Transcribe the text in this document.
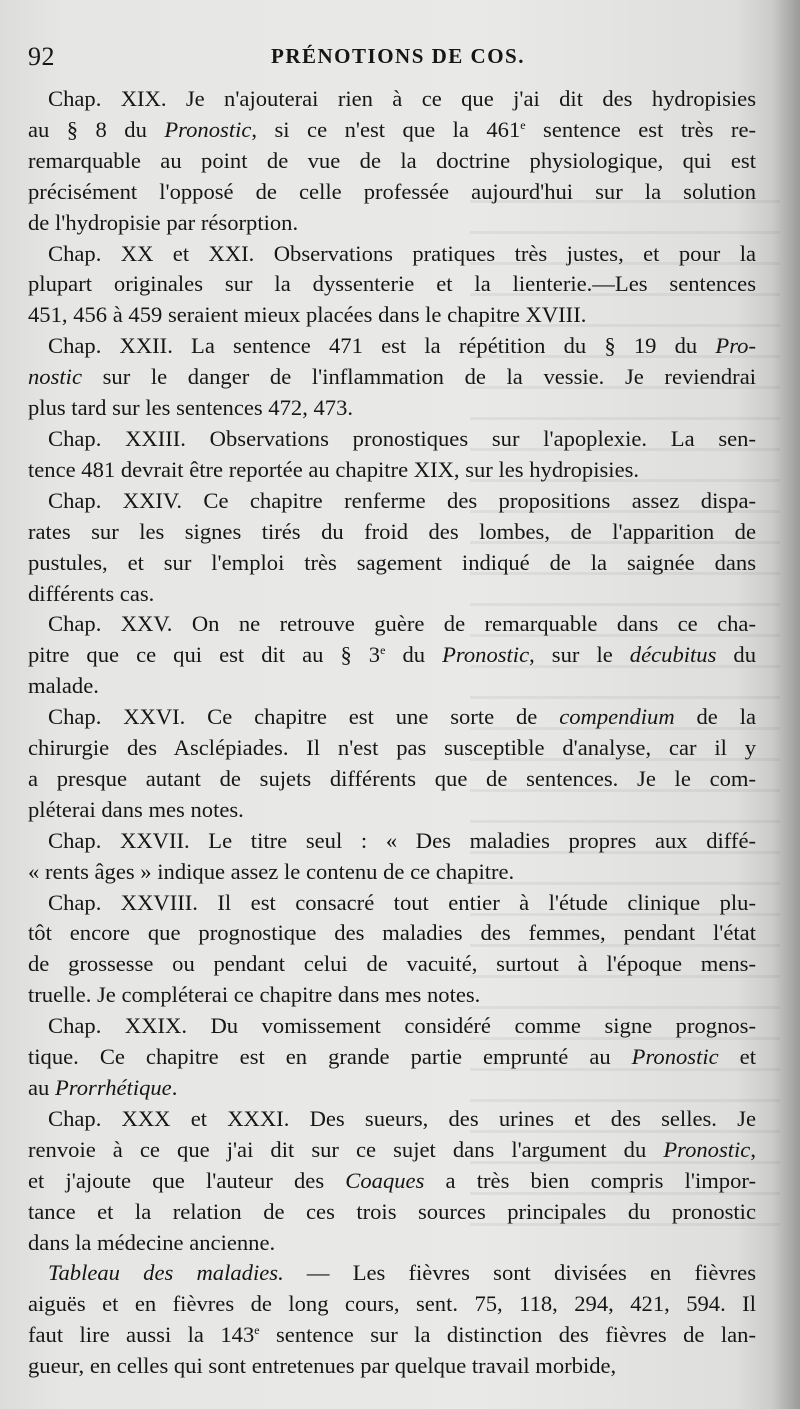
92	PRÉNOTIONS DE COS.
Chap. XIX. Je n'ajouterai rien à ce que j'ai dit des hydropisies
au § 8 du Pronostic, si ce n'est que la 461e sentence est très re-
remarquable au point de vue de la doctrine physiologique, qui est
précisément l'opposé de celle professée aujourd'hui sur la solution
de l'hydropisie par résorption.
Chap. XX et XXI. Observations pratiques très justes, et pour la
plupart originales sur la dyssenterie et la lienterie.—Les sentences
451, 456 à 459 seraient mieux placées dans le chapitre XVIII.
Chap. XXII. La sentence 471 est la répétition du § 19 du Pro-
nostic sur le danger de l'inflammation de la vessie. Je reviendrai
plus tard sur les sentences 472, 473.
Chap. XXIII. Observations pronostiques sur l'apoplexie. La sen-
tence 481 devrait être reportée au chapitre XIX, sur les hydropisies.
Chap. XXIV. Ce chapitre renferme des propositions assez dispa-
rates sur les signes tirés du froid des lombes, de l'apparition de
pustules, et sur l'emploi très sagement indiqué de la saignée dans
différents cas.
Chap. XXV. On ne retrouve guère de remarquable dans ce cha-
pitre que ce qui est dit au § 3e du Pronostic, sur le décubitus du
malade.
Chap. XXVI. Ce chapitre est une sorte de compendium de la
chirurgie des Asclépiades. Il n'est pas susceptible d'analyse, car il y
a presque autant de sujets différents que de sentences. Je le com-
pléterai dans mes notes.
Chap. XXVII. Le titre seul : « Des maladies propres aux diffé-
« rents âges » indique assez le contenu de ce chapitre.
Chap. XXVIII. Il est consacré tout entier à l'étude clinique plu-
tôt encore que prognostique des maladies des femmes, pendant l'état
de grossesse ou pendant celui de vacuité, surtout à l'époque mens-
truelle. Je compléterai ce chapitre dans mes notes.
Chap. XXIX. Du vomissement considéré comme signe prognos-
tique. Ce chapitre est en grande partie emprunté au Pronostic et
au Prorrhétique.
Chap. XXX et XXXI. Des sueurs, des urines et des selles. Je
renvoie à ce que j'ai dit sur ce sujet dans l'argument du Pronostic,
et j'ajoute que l'auteur des Coaques a très bien compris l'impor-
tance et la relation de ces trois sources principales du pronostic
dans la médecine ancienne.
Tableau des maladies. — Les fièvres sont divisées en fièvres
aiguës et en fièvres de long cours, sent. 75, 118, 294, 421, 594. Il
faut lire aussi la 143e sentence sur la distinction des fièvres de lan-
gueur, en celles qui sont entretenues par quelque travail morbide,
